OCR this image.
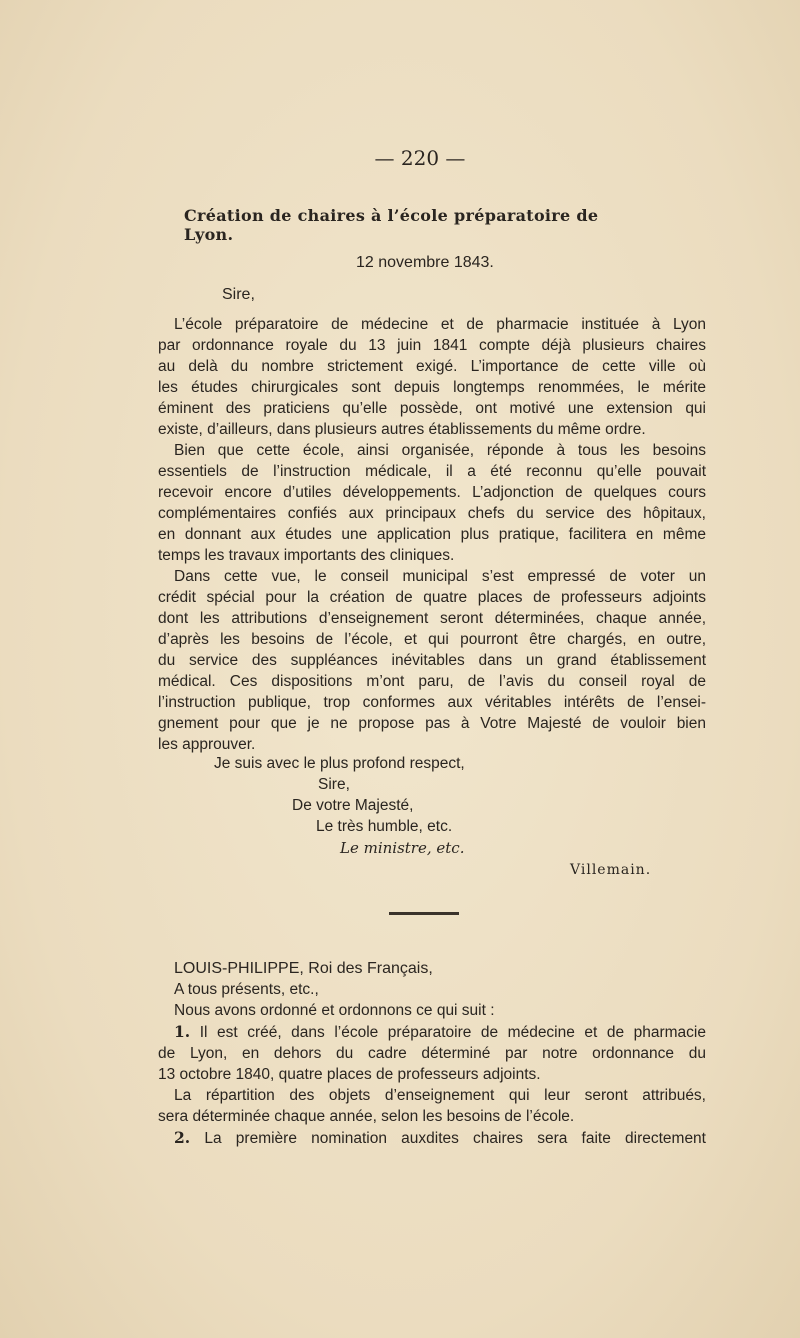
— 220 —
Création de chaires à l’école préparatoire de Lyon.
12 novembre 1843.
Sire,
L’école préparatoire de médecine et de pharmacie instituée à Lyon
par ordonnance royale du 13 juin 1841 compte déjà plusieurs chaires
au delà du nombre strictement exigé. L’importance de cette ville où
les études chirurgicales sont depuis longtemps renommées, le mérite
éminent des praticiens qu’elle possède, ont motivé une extension qui
existe, d’ailleurs, dans plusieurs autres établissements du même ordre.
Bien que cette école, ainsi organisée, réponde à tous les besoins
essentiels de l’instruction médicale, il a été reconnu qu’elle pouvait
recevoir encore d’utiles développements. L’adjonction de quelques cours
complémentaires confiés aux principaux chefs du service des hôpitaux,
en donnant aux études une application plus pratique, facilitera en même
temps les travaux importants des cliniques.
Dans cette vue, le conseil municipal s’est empressé de voter un
crédit spécial pour la création de quatre places de professeurs adjoints
dont les attributions d’enseignement seront déterminées, chaque année,
d’après les besoins de l’école, et qui pourront être chargés, en outre,
du service des suppléances inévitables dans un grand établissement
médical. Ces dispositions m’ont paru, de l’avis du conseil royal de
l’instruction publique, trop conformes aux véritables intérêts de l’ensei-
gnement pour que je ne propose pas à Votre Majesté de vouloir bien
les approuver.
Je suis avec le plus profond respect,
Sire,
De votre Majesté,
Le très humble, etc.
Le ministre, etc.
Villemain.
LOUIS-PHILIPPE, Roi des Français,
A tous présents, etc.,
Nous avons ordonné et ordonnons ce qui suit :
1. Il est créé, dans l’école préparatoire de médecine et de pharmacie
de Lyon, en dehors du cadre déterminé par notre ordonnance du
13 octobre 1840, quatre places de professeurs adjoints.
La répartition des objets d’enseignement qui leur seront attribués,
sera déterminée chaque année, selon les besoins de l’école.
2. La première nomination auxdites chaires sera faite directement
